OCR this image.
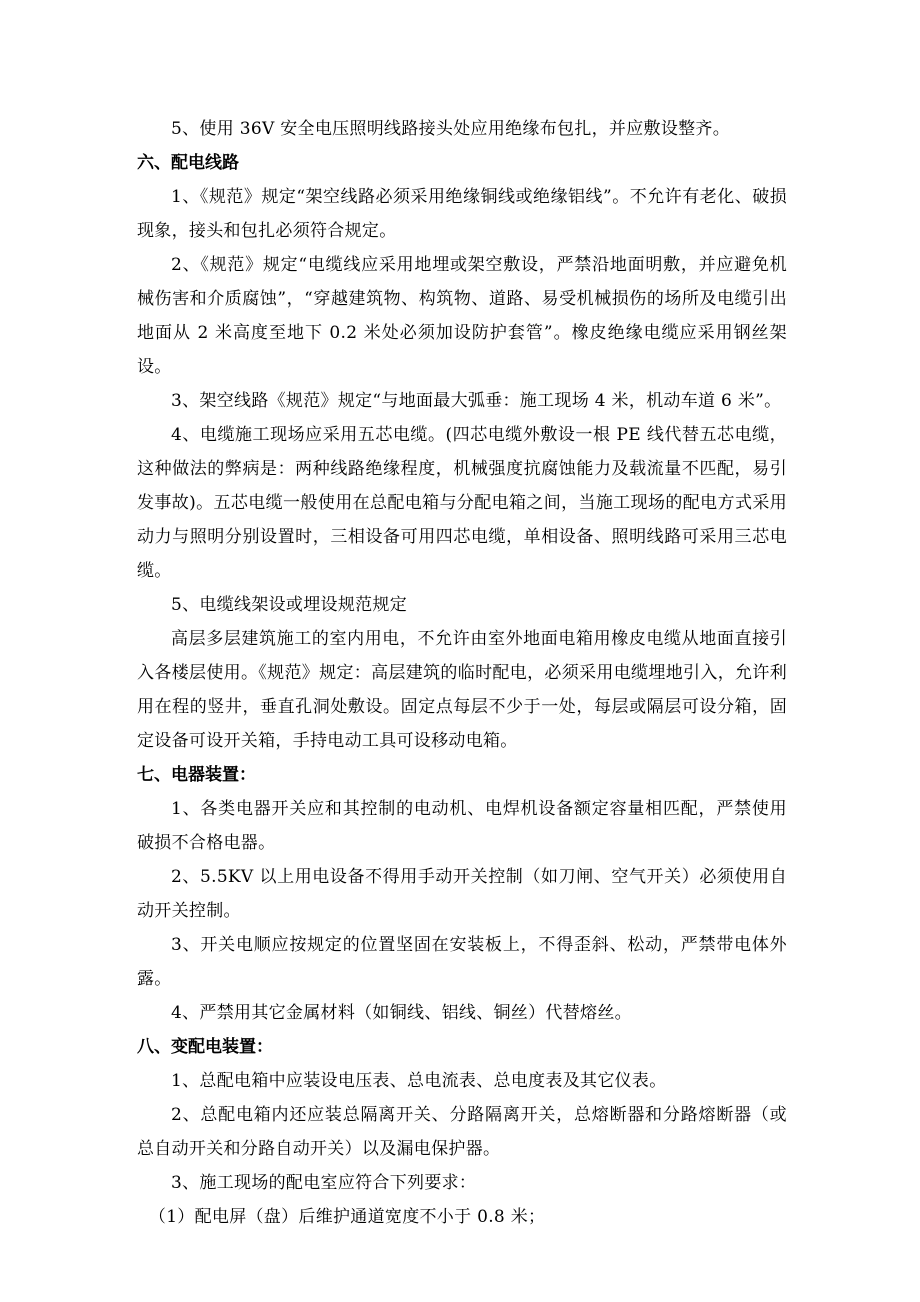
5、使用 36V 安全电压照明线路接头处应用绝缘布包扎，并应敷设整齐。

六、配电线路

1、《规范》规定“架空线路必须采用绝缘铜线或绝缘铝线”。不允许有老化、破损现象，接头和包扎必须符合规定。

2、《规范》规定“电缆线应采用地埋或架空敷设，严禁沿地面明敷，并应避免机械伤害和介质腐蚀”，“穿越建筑物、构筑物、道路、易受机械损伤的场所及电缆引出地面从 2 米高度至地下 0.2 米处必须加设防护套管”。橡皮绝缘电缆应采用钢丝架设。

3、架空线路《规范》规定“与地面最大弧垂：施工现场 4 米，机动车道 6 米”。

4、电缆施工现场应采用五芯电缆。(四芯电缆外敷设一根 PE 线代替五芯电缆，这种做法的弊病是：两种线路绝缘程度，机械强度抗腐蚀能力及载流量不匹配，易引发事故)。五芯电缆一般使用在总配电箱与分配电箱之间，当施工现场的配电方式采用动力与照明分别设置时，三相设备可用四芯电缆，单相设备、照明线路可采用三芯电缆。

5、电缆线架设或埋设规范规定

高层多层建筑施工的室内用电，不允许由室外地面电箱用橡皮电缆从地面直接引入各楼层使用。《规范》规定：高层建筑的临时配电，必须采用电缆埋地引入，允许利用在程的竖井，垂直孔洞处敷设。固定点每层不少于一处，每层或隔层可设分箱，固定设备可设开关箱，手持电动工具可设移动电箱。

七、电器装置：

1、各类电器开关应和其控制的电动机、电焊机设备额定容量相匹配，严禁使用破损不合格电器。

2、5.5KV 以上用电设备不得用手动开关控制（如刀闸、空气开关）必须使用自动开关控制。

3、开关电顺应按规定的位置坚固在安装板上，不得歪斜、松动，严禁带电体外露。

4、严禁用其它金属材料（如铜线、铝线、铜丝）代替熔丝。

八、变配电装置：

1、总配电箱中应装设电压表、总电流表、总电度表及其它仪表。

2、总配电箱内还应装总隔离开关、分路隔离开关，总熔断器和分路熔断器（或总自动开关和分路自动开关）以及漏电保护器。

3、施工现场的配电室应符合下列要求：

（1）配电屏（盘）后维护通道宽度不小于 0.8 米；
